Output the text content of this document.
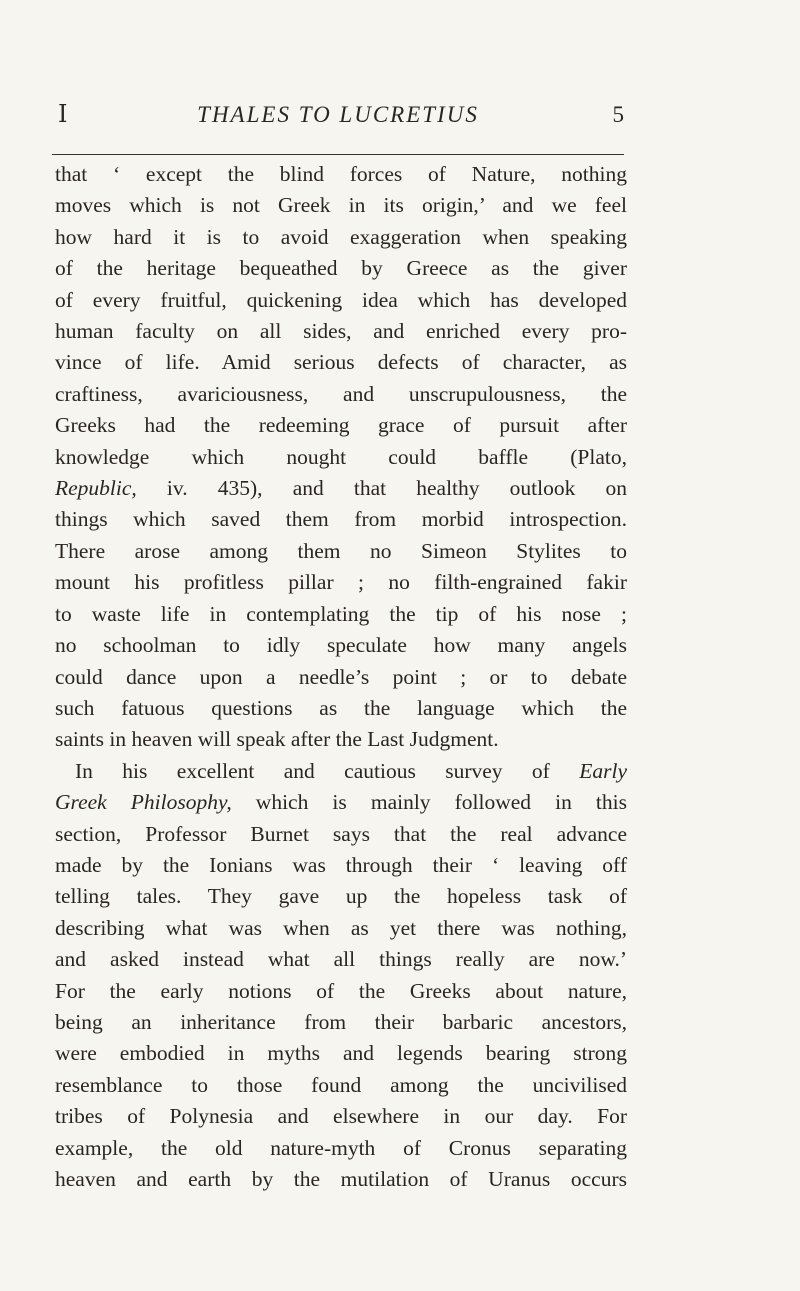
I	THALES TO LUCRETIUS	5
that ‘ except the blind forces of Nature, nothing
moves which is not Greek in its origin,’ and we feel
how hard it is to avoid exaggeration when speaking
of the heritage bequeathed by Greece as the giver
of every fruitful, quickening idea which has developed
human faculty on all sides, and enriched every pro-
vince of life. Amid serious defects of character, as
craftiness, avariciousness, and unscrupulousness, the
Greeks had the redeeming grace of pursuit after
knowledge which nought could baffle (Plato,
Republic, iv. 435), and that healthy outlook on
things which saved them from morbid introspection.
There arose among them no Simeon Stylites to
mount his profitless pillar ; no filth-engrained fakir
to waste life in contemplating the tip of his nose ;
no schoolman to idly speculate how many angels
could dance upon a needle’s point ; or to debate
such fatuous questions as the language which the
saints in heaven will speak after the Last Judgment.
In his excellent and cautious survey of Early
Greek Philosophy, which is mainly followed in this
section, Professor Burnet says that the real advance
made by the Ionians was through their ‘ leaving off
telling tales. They gave up the hopeless task of
describing what was when as yet there was nothing,
and asked instead what all things really are now.’
For the early notions of the Greeks about nature,
being an inheritance from their barbaric ancestors,
were embodied in myths and legends bearing strong
resemblance to those found among the uncivilised
tribes of Polynesia and elsewhere in our day. For
example, the old nature-myth of Cronus separating
heaven and earth by the mutilation of Uranus occurs
